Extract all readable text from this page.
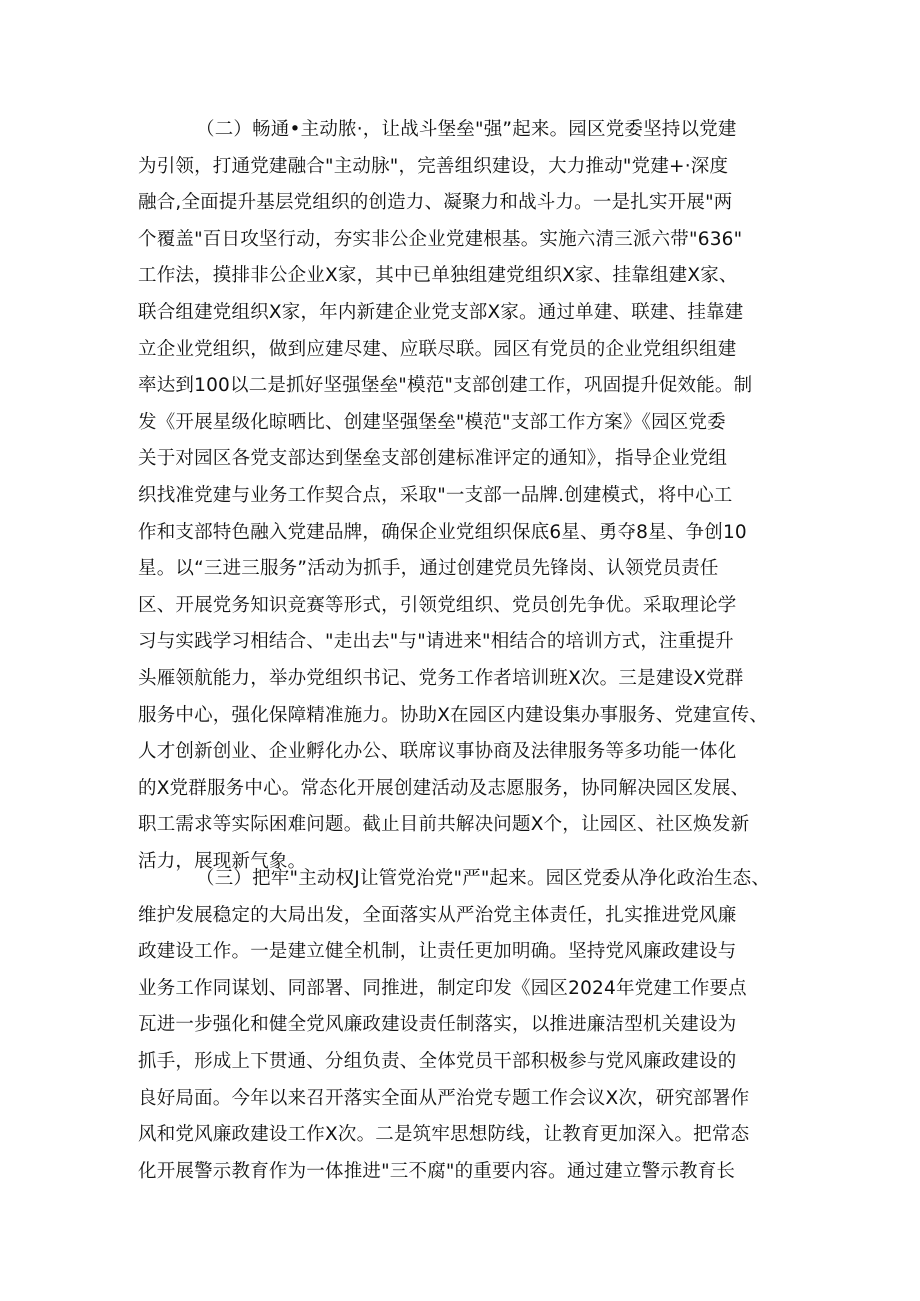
（二）畅通•主动脓·，让战斗堡垒"强”起来。园区党委坚持以党建
为引领，打通党建融合"主动脉"，完善组织建设，大力推动"党建+·深度
融合,全面提升基层党组织的创造力、凝聚力和战斗力。一是扎实开展"两
个覆盖"百日攻坚行动，夯实非公企业党建根基。实施六清三派六带"636"
工作法，摸排非公企业X家，其中已单独组建党组织X家、挂靠组建X家、
联合组建党组织X家，年内新建企业党支部X家。通过单建、联建、挂靠建
立企业党组织，做到应建尽建、应联尽联。园区有党员的企业党组织组建
率达到100以二是抓好坚强堡垒"模范"支部创建工作，巩固提升促效能。制
发《开展星级化晾晒比、创建坚强堡垒"模范"支部工作方案》《园区党委
关于对园区各党支部达到堡垒支部创建标准评定的通知》，指导企业党组
织找准党建与业务工作契合点，采取"一支部一品牌.创建模式，将中心工
作和支部特色融入党建品牌，确保企业党组织保底6星、勇夺8星、争创10
星。以“三进三服务”活动为抓手，通过创建党员先锋岗、认领党员责任
区、开展党务知识竞赛等形式，引领党组织、党员创先争优。采取理论学
习与实践学习相结合、"走出去"与"请进来"相结合的培训方式，注重提升
头雁领航能力，举办党组织书记、党务工作者培训班X次。三是建设X党群
服务中心，强化保障精准施力。协助X在园区内建设集办事服务、党建宣传、
人才创新创业、企业孵化办公、联席议事协商及法律服务等多功能一体化
的X党群服务中心。常态化开展创建活动及志愿服务，协同解决园区发展、
职工需求等实际困难问题。截止目前共解决问题X个，让园区、社区焕发新
活力，展现新气象。
（三）把牢"主动权J让管党治党"严"起来。园区党委从净化政治生态、
维护发展稳定的大局出发，全面落实从严治党主体责任，扎实推进党风廉
政建设工作。一是建立健全机制，让责任更加明确。坚持党风廉政建设与
业务工作同谋划、同部署、同推进，制定印发《园区2024年党建工作要点
瓦进一步强化和健全党风廉政建设责任制落实，以推进廉洁型机关建设为
抓手，形成上下贯通、分组负责、全体党员干部积极参与党风廉政建设的
良好局面。今年以来召开落实全面从严治党专题工作会议X次，研究部署作
风和党风廉政建设工作X次。二是筑牢思想防线，让教育更加深入。把常态
化开展警示教育作为一体推进"三不腐"的重要内容。通过建立警示教育长
